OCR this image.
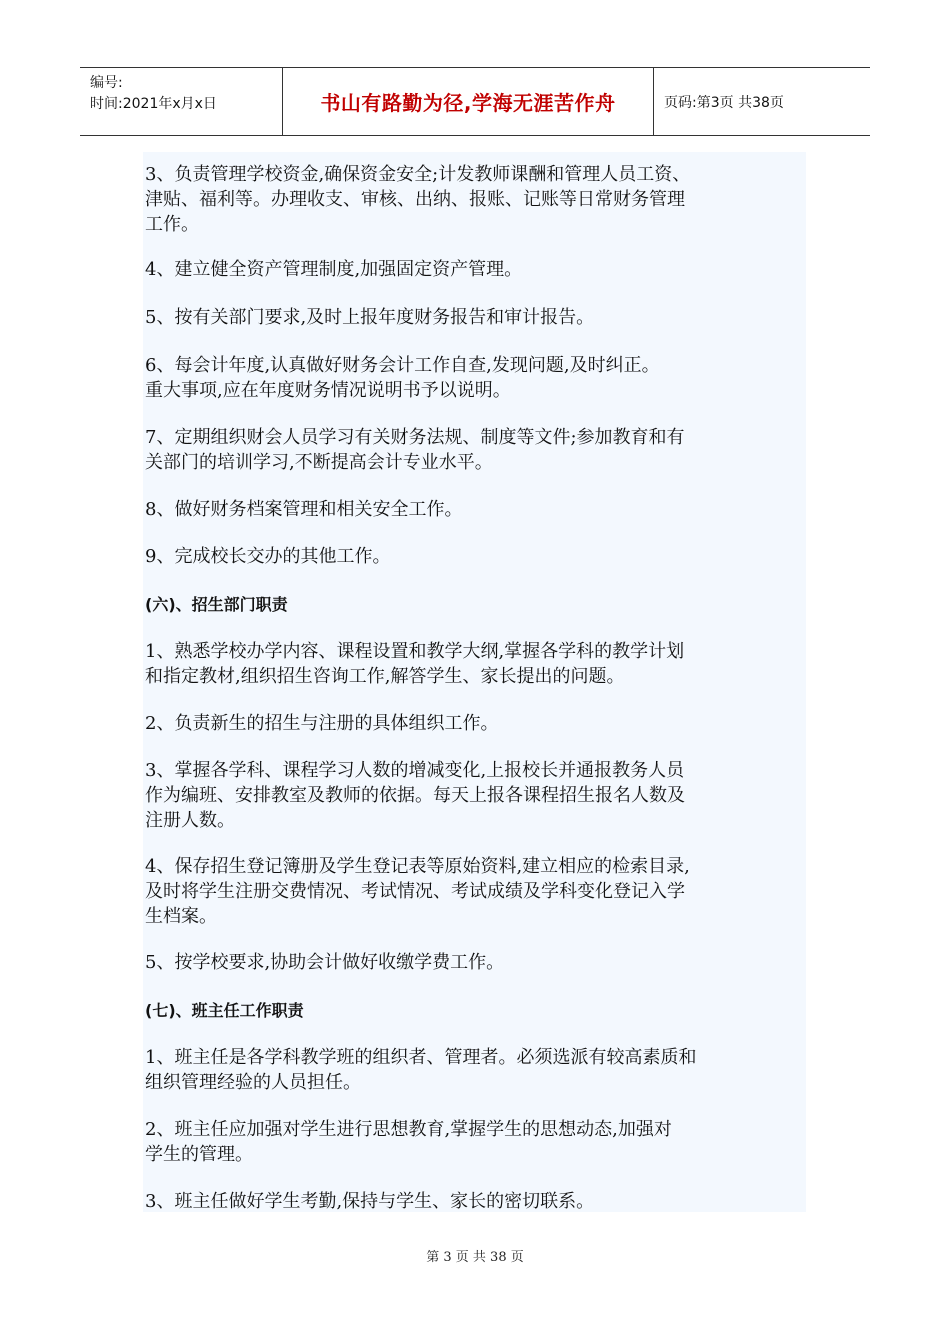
编号:
时间:2021年x月x日	书山有路勤为径,学海无涯苦作舟	页码:第3页 共38页
3、负责管理学校资金,确保资金安全;计发教师课酬和管理人员工资、
津贴、福利等。办理收支、审核、出纳、报账、记账等日常财务管理
工作。
4、建立健全资产管理制度,加强固定资产管理。
5、按有关部门要求,及时上报年度财务报告和审计报告。
6、每会计年度,认真做好财务会计工作自查,发现问题,及时纠正。
重大事项,应在年度财务情况说明书予以说明。
7、定期组织财会人员学习有关财务法规、制度等文件;参加教育和有
关部门的培训学习,不断提高会计专业水平。
8、做好财务档案管理和相关安全工作。
9、完成校长交办的其他工作。
(六)、招生部门职责
1、熟悉学校办学内容、课程设置和教学大纲,掌握各学科的教学计划
和指定教材,组织招生咨询工作,解答学生、家长提出的问题。
2、负责新生的招生与注册的具体组织工作。
3、掌握各学科、课程学习人数的增减变化,上报校长并通报教务人员
作为编班、安排教室及教师的依据。每天上报各课程招生报名人数及
注册人数。
4、保存招生登记簿册及学生登记表等原始资料,建立相应的检索目录,
及时将学生注册交费情况、考试情况、考试成绩及学科变化登记入学
生档案。
5、按学校要求,协助会计做好收缴学费工作。
(七)、班主任工作职责
1、班主任是各学科教学班的组织者、管理者。必须选派有较高素质和
组织管理经验的人员担任。
2、班主任应加强对学生进行思想教育,掌握学生的思想动态,加强对
学生的管理。
3、班主任做好学生考勤,保持与学生、家长的密切联系。
第 3 页 共 38 页
